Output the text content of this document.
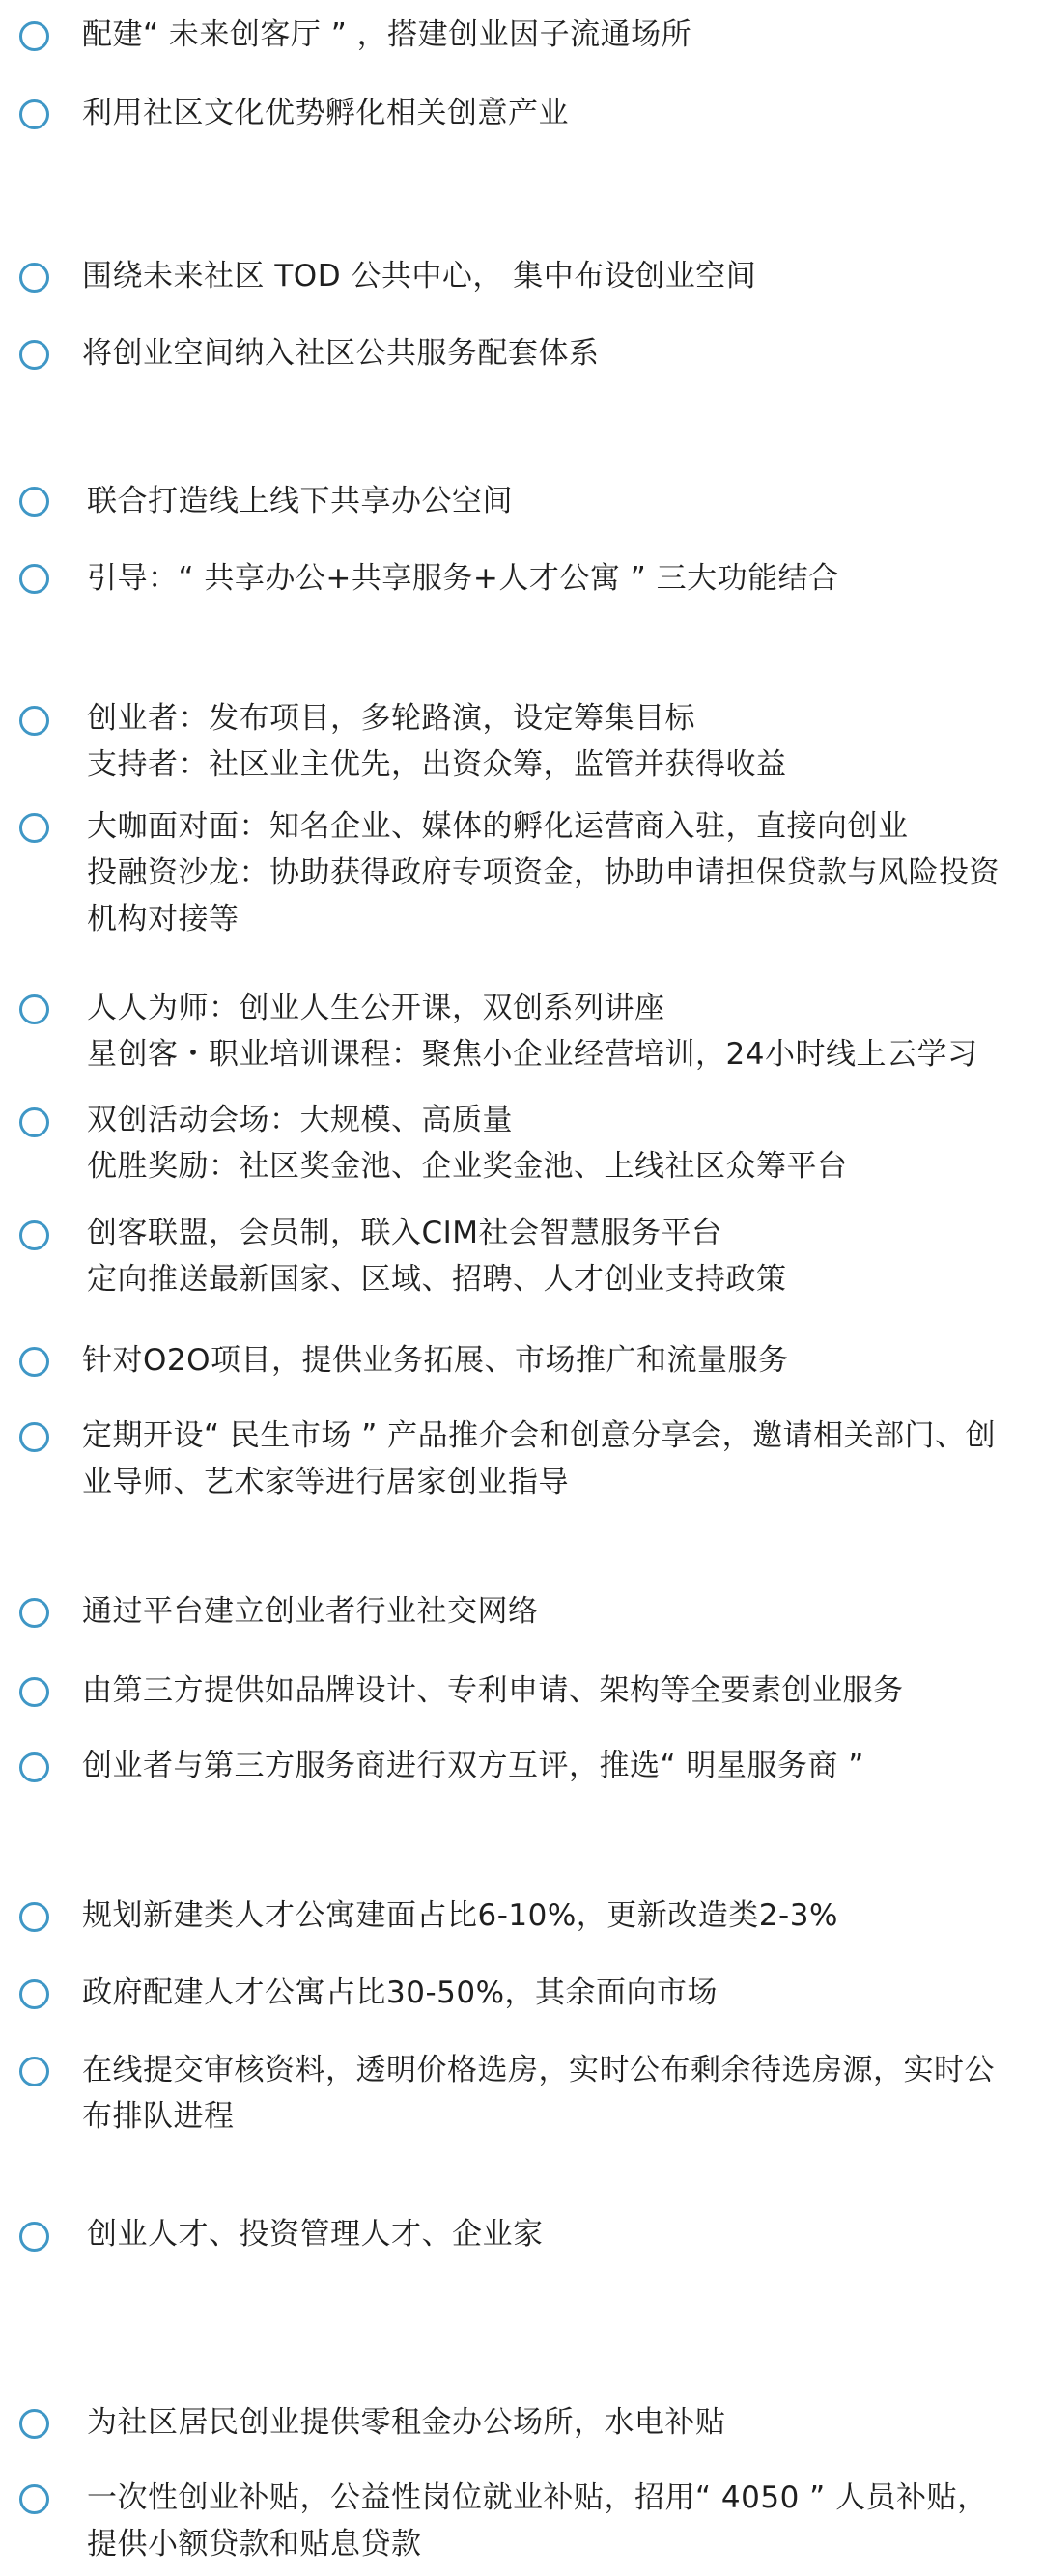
配建“ 未来创客厅 ” ，搭建创业因子流通场所
利用社区文化优势孵化相关创意产业
围绕未来社区 TOD 公共中心， 集中布设创业空间
将创业空间纳入社区公共服务配套体系
联合打造线上线下共享办公空间
引导：“ 共享办公+共享服务+人才公寓 ” 三大功能结合
创业者：发布项目，多轮路演，设定筹集目标
支持者：社区业主优先，出资众筹，监管并获得收益
大咖面对面：知名企业、媒体的孵化运营商入驻，直接向创业
投融资沙龙：协助获得政府专项资金，协助申请担保贷款与风险投资
机构对接等
人人为师：创业人生公开课，双创系列讲座
星创客・职业培训课程：聚焦小企业经营培训，24小时线上云学习
双创活动会场：大规模、高质量
优胜奖励：社区奖金池、企业奖金池、上线社区众筹平台
创客联盟，会员制，联入CIM社会智慧服务平台
定向推送最新国家、区域、招聘、人才创业支持政策
针对O2O项目，提供业务拓展、市场推广和流量服务
定期开设“ 民生市场 ” 产品推介会和创意分享会，邀请相关部门、创
业导师、艺术家等进行居家创业指导
通过平台建立创业者行业社交网络
由第三方提供如品牌设计、专利申请、架构等全要素创业服务
创业者与第三方服务商进行双方互评，推选“ 明星服务商 ”
规划新建类人才公寓建面占比6-10%，更新改造类2-3%
政府配建人才公寓占比30-50%，其余面向市场
在线提交审核资料，透明价格选房，实时公布剩余待选房源，实时公
布排队进程
创业人才、投资管理人才、企业家
为社区居民创业提供零租金办公场所，水电补贴
一次性创业补贴，公益性岗位就业补贴，招用“ 4050 ” 人员补贴，
提供小额贷款和贴息贷款
